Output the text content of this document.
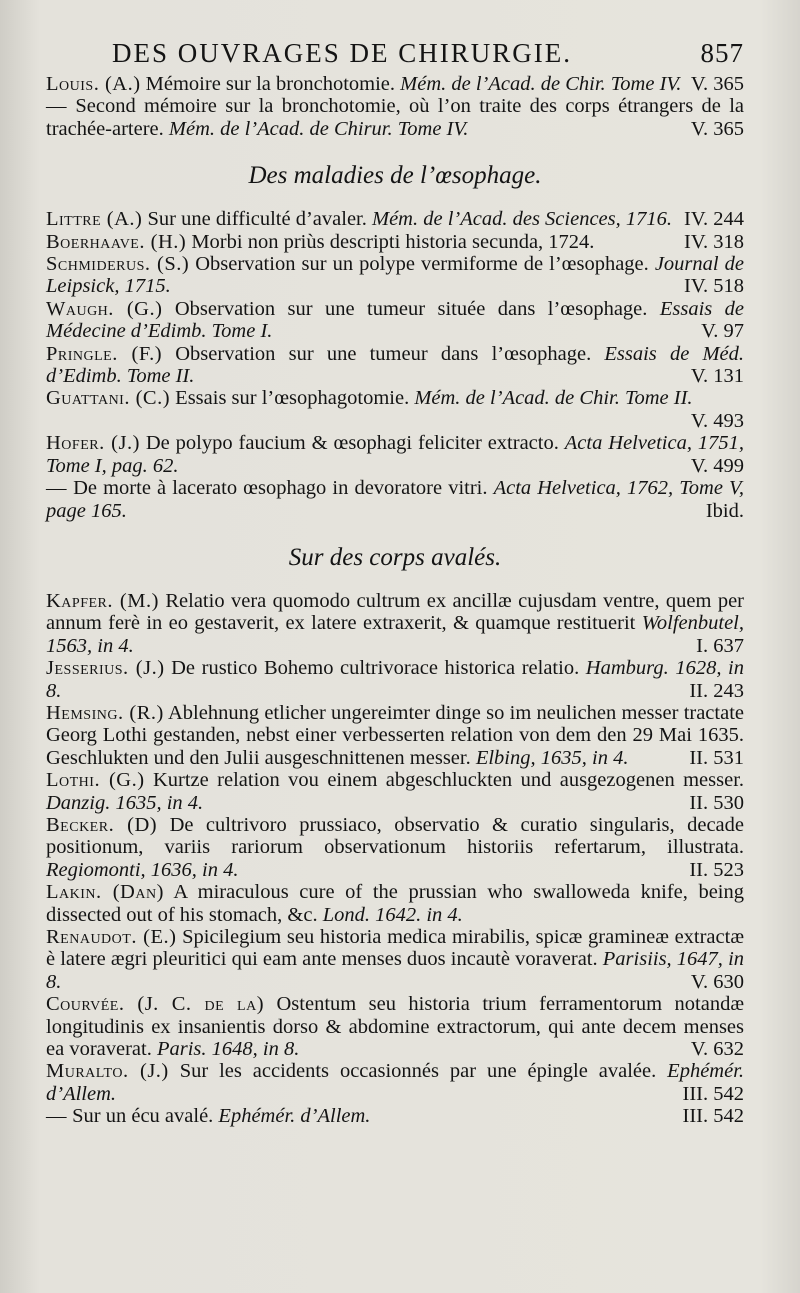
DES OUVRAGES DE CHIRURGIE.	857
Louis. (A.) Mémoire sur la bronchotomie. Mém. de l’Acad. de Chir. Tome IV. V. 365
— Second mémoire sur la bronchotomie, où l’on traite des corps étrangers de la trachée-artere. Mém. de l’Acad. de Chirur. Tome IV.	V. 365
Des maladies de l’œsophage.
Littre (A.) Sur une difficulté d’avaler. Mém. de l’Acad. des Sciences, 1716. IV. 244
Boerhaave. (H.) Morbi non priùs descripti historia secunda, 1724.	IV. 318
Schmiderus. (S.) Observation sur un polype vermiforme de l’œsophage. Journal de Leipsick, 1715.	IV. 518
Waugh. (G.) Observation sur une tumeur située dans l’œsophage. Essais de Médecine d’Edimb. Tome I.	V. 97
Pringle. (F.) Observation sur une tumeur dans l’œsophage. Essais de Méd. d’Edimb. Tome II.	V. 131
Guattani. (C.) Essais sur l’œsophagotomie. Mém. de l’Acad. de Chir. Tome II.
V. 493
Hofer. (J.) De polypo faucium & œsophagi feliciter extracto. Acta Helvetica, 1751, Tome I, pag. 62.	V. 499
— De morte à lacerato œsophago in devoratore vitri. Acta Helvetica, 1762, Tome V, page 165.	Ibid.
Sur des corps avalés.
Kapfer. (M.) Relatio vera quomodo cultrum ex ancillæ cujusdam ventre, quem per annum ferè in eo gestaverit, ex latere extraxerit, & quamque restituerit Wolfenbutel, 1563, in 4.	I. 637
Jesserius. (J.) De rustico Bohemo cultrivorace historica relatio. Hamburg. 1628, in 8.	II. 243
Hemsing. (R.) Ablehnung etlicher ungereimter dinge so im neulichen messer tractate Georg Lothi gestanden, nebst einer verbesserten relation von dem den 29 Mai 1635. Geschlukten und den Julii ausgeschnittenen messer. Elbing, 1635, in 4.	II. 531
Lothi. (G.) Kurtze relation vou einem abgeschluckten und ausgezogenen messer. Danzig. 1635, in 4.	II. 530
Becker. (D) De cultrivoro prussiaco, observatio & curatio singularis, decade positionum, variis rariorum observationum historiis refertarum, illustrata. Regiomonti, 1636, in 4.	II. 523
Lakin. (Dan) A miraculous cure of the prussian who swalloweda knife, being dissected out of his stomach, &c. Lond. 1642. in 4.
Renaudot. (E.) Spicilegium seu historia medica mirabilis, spicæ gramineæ extractæ è latere ægri pleuritici qui eam ante menses duos incautè voraverat. Parisiis, 1647, in 8.	V. 630
Courvée. (J. C. de la) Ostentum seu historia trium ferramentorum notandæ longitudinis ex insanientis dorso & abdomine extractorum, qui ante decem menses ea voraverat. Paris. 1648, in 8.	V. 632
Muralto. (J.) Sur les accidents occasionnés par une épingle avalée. Ephémér. d’Allem.	III. 542
— Sur un écu avalé. Ephémér. d’Allem.	III. 542
